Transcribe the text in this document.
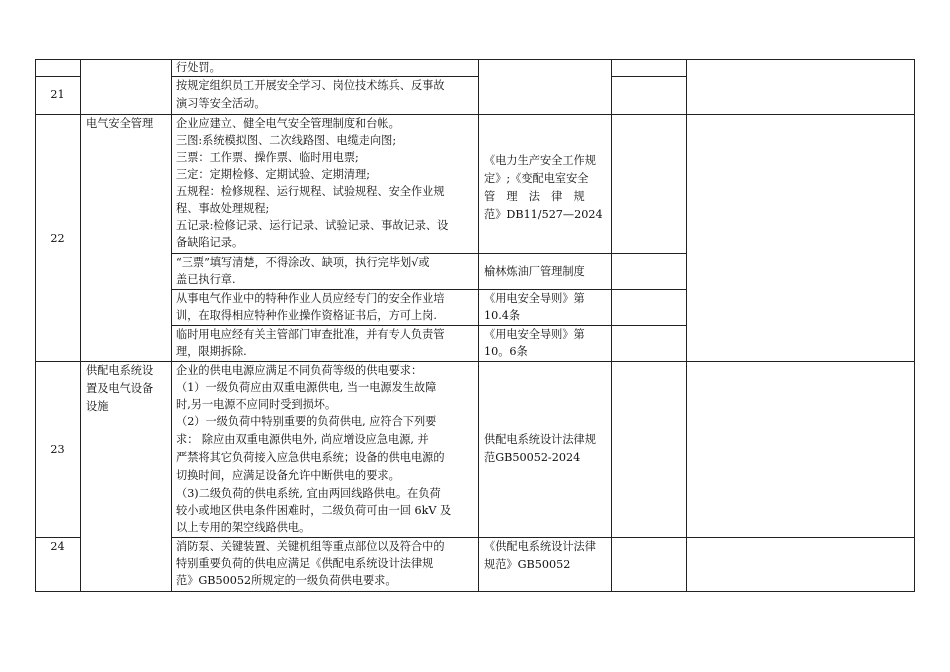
21
行处罚。
按规定组织员工开展安全学习、岗位技术练兵、反事故
演习等安全活动。
22
电气安全管理 企业应建立、健全电气安全管理制度和台帐。
三图:系统模拟图、二次线路图、电缆走向图;
三票：工作票、操作票、临时用电票;
三定：定期检修、定期试验、定期清理;
五规程：检修规程、运行规程、试验规程、安全作业规
程、事故处理规程;
五记录:检修记录、运行记录、试验记录、事故记录、设
备缺陷记录。
《电力生产安全工作规
定》;《变配电室安全
管　理　法　律　规
范》DB11/527—2024
“三票”填写清楚，不得涂改、缺项，执行完毕划√或
盖已执行章.
榆林炼油厂管理制度
从事电气作业中的特种作业人员应经专门的安全作业培
训，在取得相应特种作业操作资格证书后，方可上岗.
《用电安全导则》第
10.4条
临时用电应经有关主管部门审查批准，并有专人负责管
理，限期拆除.
《用电安全导则》第
10。6条
23
供配电系统设
置及电气设备
设施
企业的供电电源应满足不同负荷等级的供电要求：
（1）一级负荷应由双重电源供电, 当一电源发生故障
时,另一电源不应同时受到损坏。
（2）一级负荷中特别重要的负荷供电, 应符合下列要
求： 除应由双重电源供电外, 尚应增设应急电源, 并
严禁将其它负荷接入应急供电系统；设备的供电电源的
切换时间，应满足设备允许中断供电的要求。
（3)二级负荷的供电系统, 宜由两回线路供电。在负荷
较小或地区供电条件困难时，二级负荷可由一回 6kV 及
以上专用的架空线路供电。
供配电系统设计法律规
范GB50052-2024
24	消防泵、关键装置、关键机组等重点部位以及符合中的
特别重要负荷的供电应满足《供配电系统设计法律规
范》GB50052所规定的一级负荷供电要求。
《供配电系统设计法律
规范》GB50052
